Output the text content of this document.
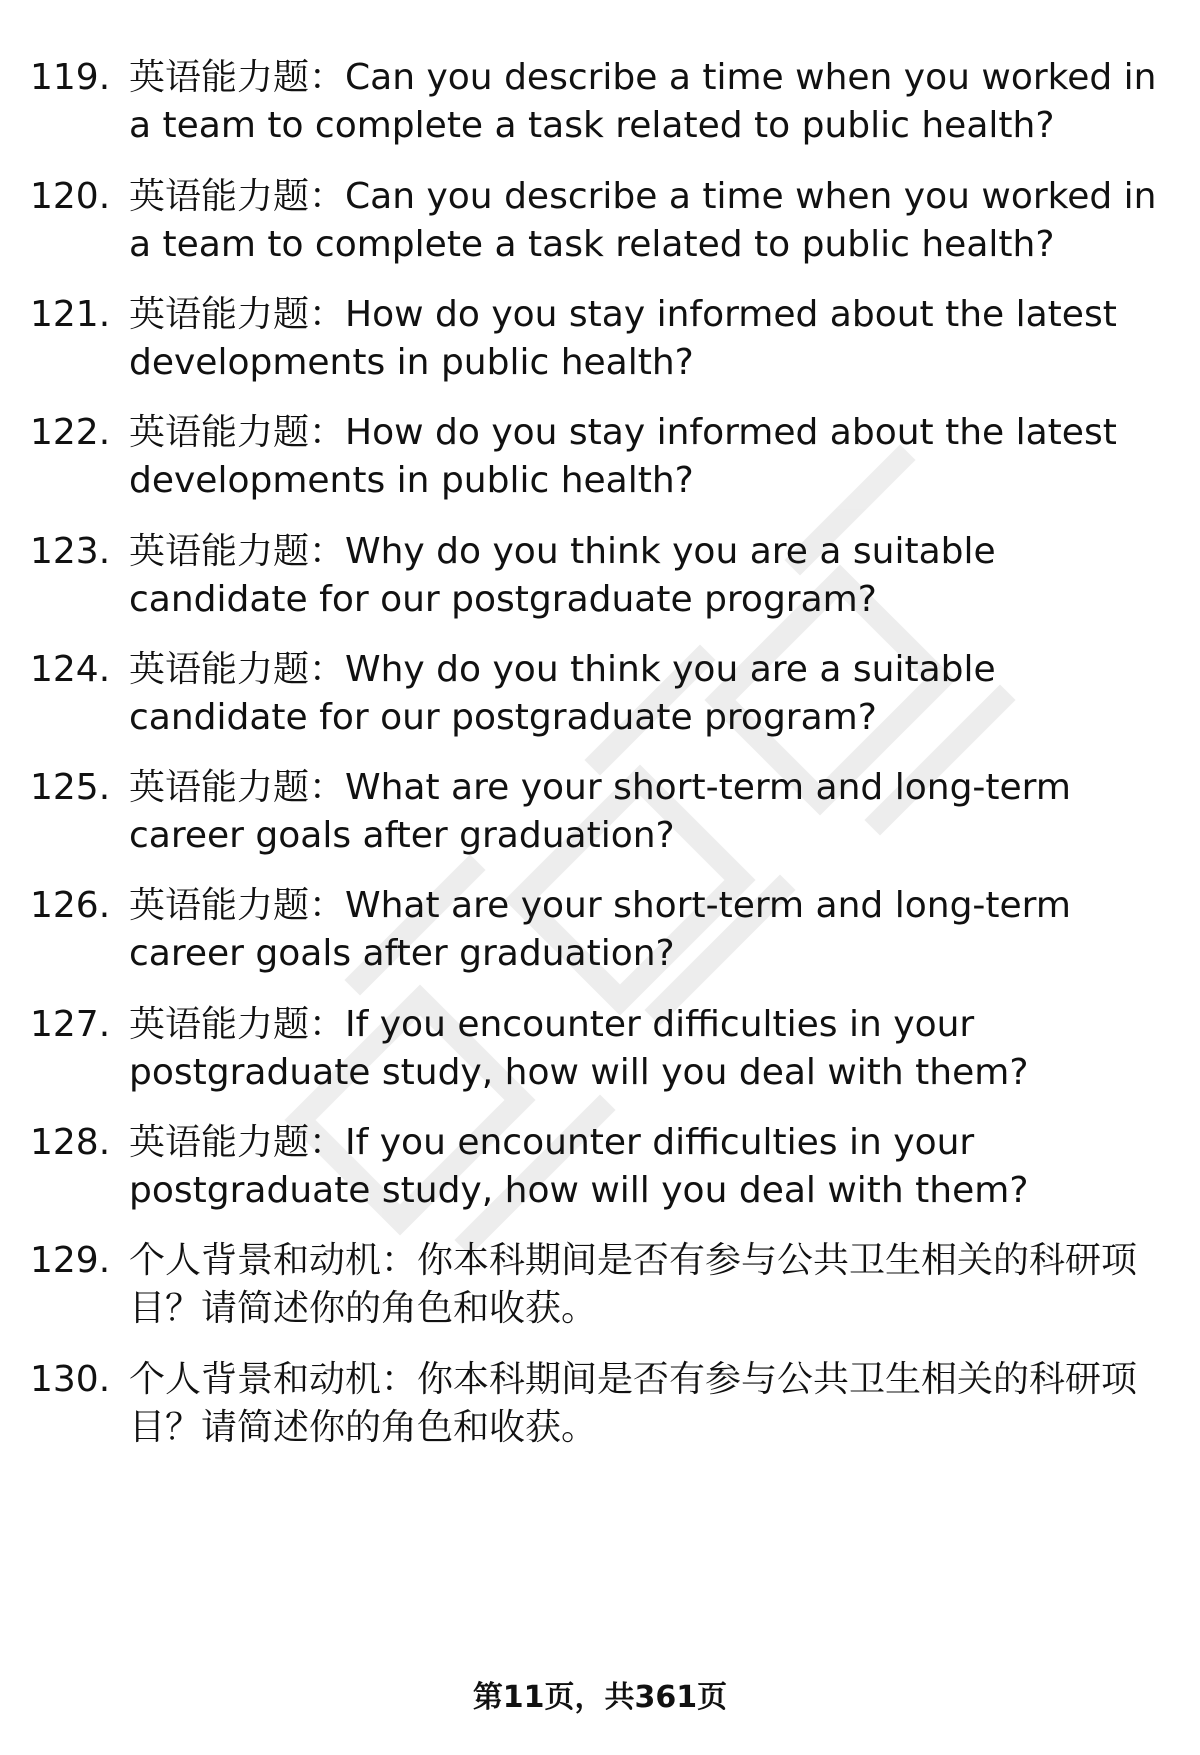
119. 英语能力题：Can you describe a time when you worked in a team to complete a task related to public health?
120. 英语能力题：Can you describe a time when you worked in a team to complete a task related to public health?
121. 英语能力题：How do you stay informed about the latest developments in public health?
122. 英语能力题：How do you stay informed about the latest developments in public health?
123. 英语能力题：Why do you think you are a suitable candidate for our postgraduate program?
124. 英语能力题：Why do you think you are a suitable candidate for our postgraduate program?
125. 英语能力题：What are your short-term and long-term career goals after graduation?
126. 英语能力题：What are your short-term and long-term career goals after graduation?
127. 英语能力题：If you encounter difficulties in your postgraduate study, how will you deal with them?
128. 英语能力题：If you encounter difficulties in your postgraduate study, how will you deal with them?
129. 个人背景和动机：你本科期间是否有参与公共卫生相关的科研项目？请简述你的角色和收获。
130. 个人背景和动机：你本科期间是否有参与公共卫生相关的科研项目？请简述你的角色和收获。
第11页，共361页
